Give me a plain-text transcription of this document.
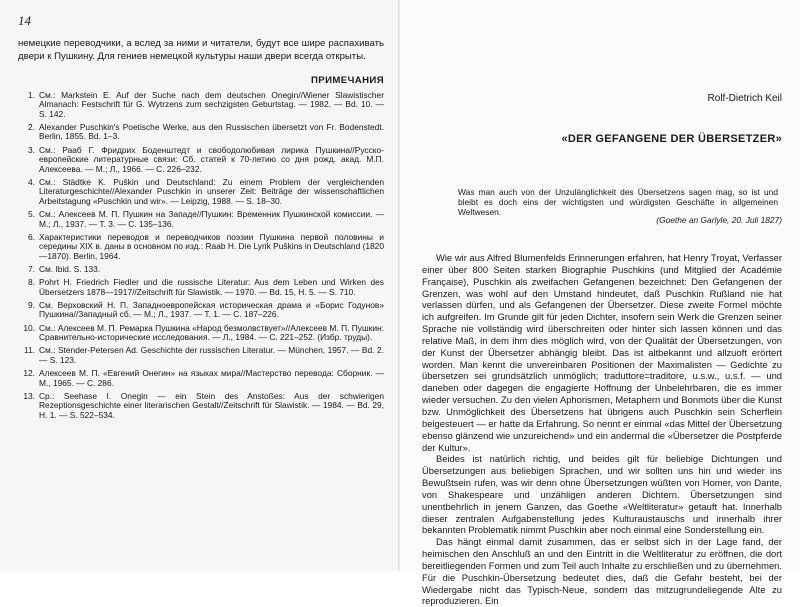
14
немецкие переводчики, а вслед за ними и читатели, будут все шире распахивать двери к Пушкину. Для гениев немецкой культуры наши двери всегда открыты.
ПРИМЕЧАНИЯ
1. См.: Markstein E. Auf der Suche nach dem deutschen Onegin//Wiener Slawistischer Almanach: Festschrift für G. Wytrzens zum sechzigsten Geburtstag. — 1982. — Bd. 10. — S. 142.
2. Alexander Puschkin's Poetische Werke, aus den Russischen übersetzt von Fr. Bodenstedt. Berlin, 1855. Bd. 1–3.
3. См.: Рааб Г. Фридрих Боденштедт и свободолюбивая лирика Пушкина//Русско-европейские литературные связи: Сб. статей к 70-летию со дня рожд. акад. М.П. Алексеева. — М.; Л., 1966. — С. 226–232.
4. См.: Städtke K. Puškin und Deutschland: Zu einem Problem der vergleichenden Literaturgeschichte//Alexander Puschkin in unserer Zeit: Beiträge der wissenschaftlichen Arbeitstagung «Puschkin und wir». — Leipzig, 1988. — S. 18–30.
5. См.: Алексеев М. П. Пушкин на Западе//Пушкин: Временник Пушкинской комиссии. — М.; Л., 1937. — Т. 3. — С. 135–136.
6. Характеристики переводов и переводчиков поэзии Пушкина первой половины и середины XIX в. даны в основном по изд.: Raab H. Die Lyrik Puškins in Deutschland (1820—1870). Berlin, 1964.
7. См. Ibid. S. 133.
8. Pohrt H. Friedrich Fiedler und die russische Literatur: Aus dem Leben und Wirken des Übersetzers 1878—1917//Zeitschrift für Slawistik. — 1970. — Bd. 15, H. 5. — S. 710.
9. См. Верховский Н. П. Западноевропейская историческая драма и «Борис Годунов» Пушкина//Западный сб. — М.; Л., 1937. — Т. 1. — С. 187–226.
10. См.: Алексеев М. П. Ремарка Пушкина «Народ безмолвствует»//Алексеев М. П. Пушкин: Сравнительно-исторические исследования. — Л., 1984. — С. 221–252. (Избр. труды).
11. См.: Stender-Petersen Ad. Geschichte der russischen Literatur. — München, 1957. — Bd. 2. — S. 123.
12. Алексеев М. П. «Евгений Онегин» на языках мира//Мастерство перевода: Сборник. — М., 1965. — С. 286.
13. Ср.: Seehase I. Onegin — ein Stein des Anstoßes: Aus der schwierigen Rezeptionsgeschichte einer literarischen Gestalt//Zeitschrift für Slawistik. — 1984. — Bd. 29, H. 1. — S. 522–534.
Rolf-Dietrich Keil
«DER GEFANGENE DER ÜBERSETZER»

Was man auch von der Unzulänglichkeit des Übersetzens sagen mag, so ist und bleibt es doch eins der wichtigsten und würdigsten Geschäfte in allgemeinen Weltwesen.

(Goethe an Garlyle, 20. Juli 1827)

Wie wir aus Alfred Blumenfelds Erinnerungen erfahren, hat Henry Troyat, Verfasser einer über 800 Seiten starken Biographie Puschkins (und Mitglied der Académie Française), Puschkin als zweifachen Gefangenen bezeichnet: Den Gefangenen der Grenzen, was wohl auf den Umstand hindeutet, daß Puschkin Rußland nie hat verlassen dürfen, und als Gefangenen der Übersetzer. Diese zweite Formel möchte ich aufgreifen. Im Grunde gilt für jeden Dichter, insofern sein Werk die Grenzen seiner Sprache nie vollständig wird überschreiten oder hinter sich lassen können und das relative Maß, in dem ihm dies möglich wird, von der Qualität der Übersetzungen, von der Kunst der Übersetzer abhängig bleibt. Das ist altbekannt und allzuoft erörtert worden. Man kennt die unvereinbaren Positionen der Maximalisten — Gedichte zu übersetzen sei grundsätzlich unmöglich; traduttore=traditore, u.s.w., u.s.f. — und daneben oder dagegen die engagierte Hoffnung der Unbelehrbaren, die es immer wieder versuchen. Zu den vielen Aphorismen, Metaphern und Bonmots über die Kunst bzw. Unmöglichkeit des Übersetzens hat übrigens auch Puschkin sein Scherflein beigesteuert — er hatte da Erfahrung. So nennt er einmal «das Mittel der Übersetzung ebenso glänzend wie unzureichend» und ein andermal die «Übersetzer die Postpferde der Kultur».

Beides ist natürlich richtig, und beides gilt für beliebige Dichtungen und Übersetzungen aus beliebigen Sprachen, und wir sollten uns hin und wieder ins Bewußtsein rufen, was wir denn ohne Übersetzungen wüßten von Homer, von Dante, von Shakespeare und unzähligen anderen Dichtern. Übersetzungen sind unentbehrlich in jenem Ganzen, das Goethe «Weltliteratur» getauft hat. Innerhalb dieser zentralen Aufgabenstellung jedes Kulturaustauschs und innerhalb ihrer bekannten Problematik nimmt Puschkin aber noch einmal eine Sonderstellung ein.

Das hängt einmal damit zusammen, das er selbst sich in der Lage fand, der heimischen den Anschluß an und den Eintritt in die Weltliteratur zu eröffnen, die dort bereitliegenden Formen und zum Teil auch Inhalte zu erschließen und zu übernehmen. Für die Puschkin-Übersetzung bedeutet dies, daß die Gefahr besteht, bei der Wiedergabe nicht das Typisch-Neue, sondern das mitzugrundeliegende Alte zu reproduzieren. Ein
